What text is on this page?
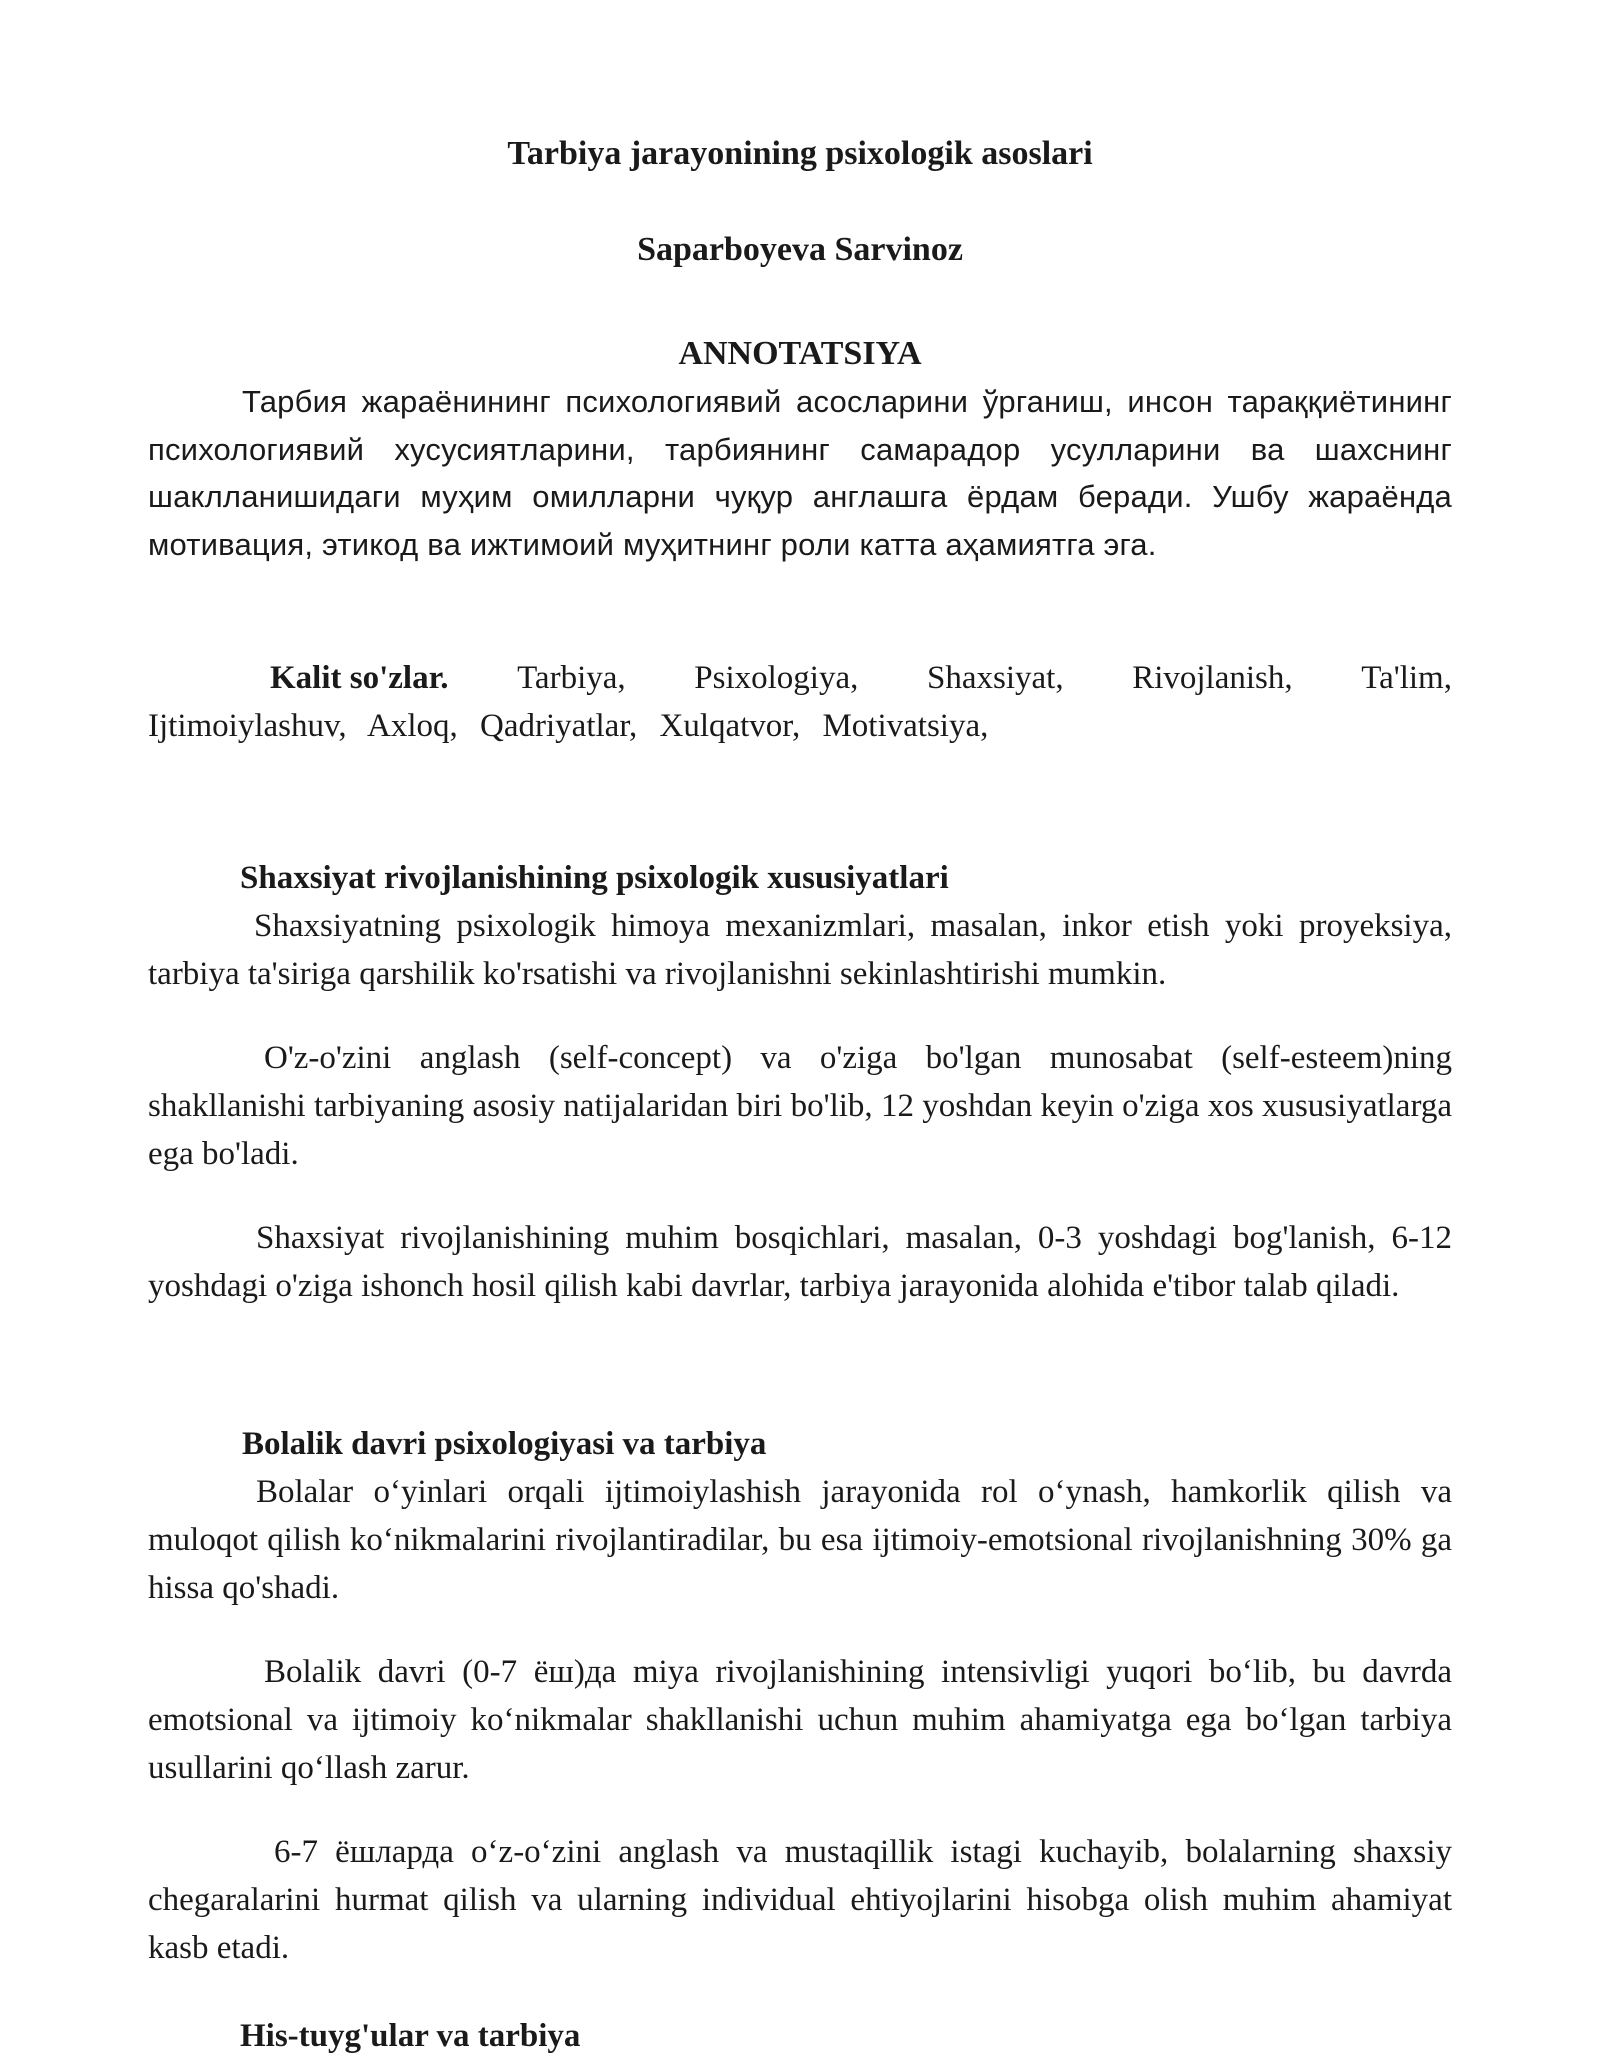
Tarbiya jarayonining psixologik asoslari

Saparboyeva Sarvinoz

ANNOTATSIYA

Тарбия жараёнининг психологиявий асосларини ўрганиш, инсон тараққиётининг психологиявий хусусиятларини, тарбиянинг самарадор усулларини ва шахснинг шаклланишидаги муҳим омилларни чуқур англашга ёрдам беради. Ушбу жараёнда мотивация, этикод ва ижтимоий муҳитнинг роли катта аҳамиятга эга.

Kalit so'zlar. Tarbiya, Psixologiya, Shaxsiyat, Rivojlanish, Ta'lim,
Ijtimoiylashuv, Axloq, Qadriyatlar, Xulqatvor, Motivatsiya,
Shaxsiyat rivojlanishining psixologik xususiyatlari

Shaxsiyatning psixologik himoya mexanizmlari, masalan, inkor etish yoki proyeksiya, tarbiya ta'siriga qarshilik ko'rsatishi va rivojlanishni sekinlashtirishi mumkin.

O'z-o'zini anglash (self-concept) va o'ziga bo'lgan munosabat (self-esteem)ning shakllanishi tarbiyaning asosiy natijalaridan biri bo'lib, 12 yoshdan keyin o'ziga xos xususiyatlarga ega bo'ladi.

Shaxsiyat rivojlanishining muhim bosqichlari, masalan, 0-3 yoshdagi bog'lanish, 6-12 yoshdagi o'ziga ishonch hosil qilish kabi davrlar, tarbiya jarayonida alohida e'tibor talab qiladi.

Bolalik davri psixologiyasi va tarbiya

Bolalar o‘yinlari orqali ijtimoiylashish jarayonida rol o‘ynash, hamkorlik qilish va muloqot qilish ko‘nikmalarini rivojlantiradilar, bu esa ijtimoiy-emotsional rivojlanishning 30% ga hissa qo'shadi.

Bolalik davri (0-7 ёш)да miya rivojlanishining intensivligi yuqori bo‘lib, bu davrda emotsional va ijtimoiy ko‘nikmalar shakllanishi uchun muhim ahamiyatga ega bo‘lgan tarbiya usullarini qo‘llash zarur.

6-7 ёшларда o‘z-o‘zini anglash va mustaqillik istagi kuchayib, bolalarning shaxsiy chegaralarini hurmat qilish va ularning individual ehtiyojlarini hisobga olish muhim ahamiyat kasb etadi.

His-tuyg'ular va tarbiya
